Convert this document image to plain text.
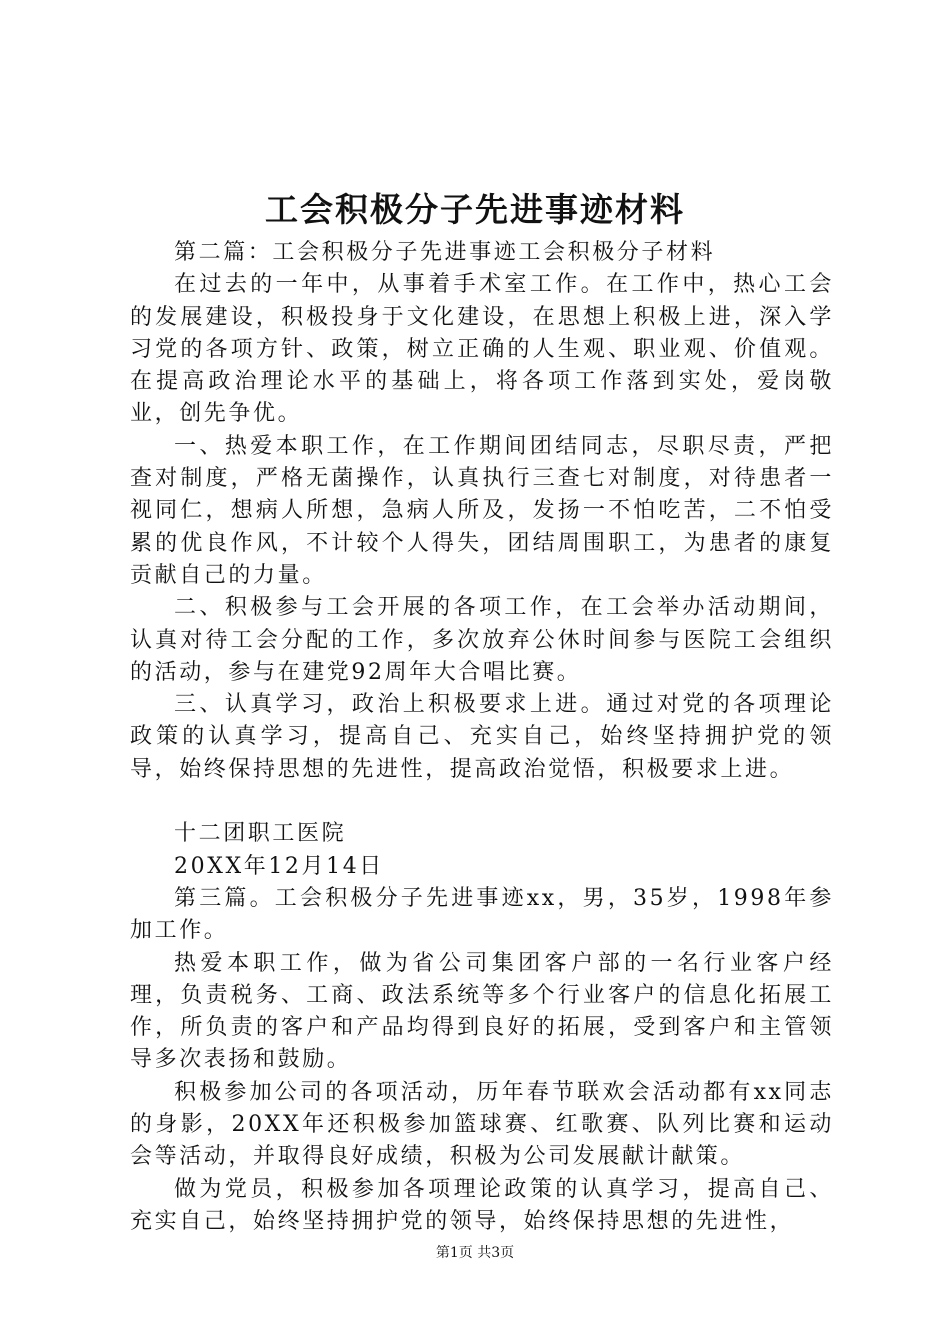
工会积极分子先进事迹材料

第二篇：工会积极分子先进事迹工会积极分子材料

在过去的一年中，从事着手术室工作。在工作中，热心工会的发展建设，积极投身于文化建设，在思想上积极上进，深入学习党的各项方针、政策，树立正确的人生观、职业观、价值观。在提高政治理论水平的基础上，将各项工作落到实处，爱岗敬业，创先争优。

一、热爱本职工作，在工作期间团结同志，尽职尽责，严把查对制度，严格无菌操作，认真执行三查七对制度，对待患者一视同仁，想病人所想，急病人所及，发扬一不怕吃苦，二不怕受累的优良作风，不计较个人得失，团结周围职工，为患者的康复贡献自己的力量。

二、积极参与工会开展的各项工作，在工会举办活动期间，认真对待工会分配的工作，多次放弃公休时间参与医院工会组织的活动，参与在建党92周年大合唱比赛。

三、认真学习，政治上积极要求上进。通过对党的各项理论政策的认真学习，提高自己、充实自己，始终坚持拥护党的领导，始终保持思想的先进性，提高政治觉悟，积极要求上进。

十二团职工医院

20XX年12月14日

第三篇。工会积极分子先进事迹xx，男，35岁，1998年参加工作。

热爱本职工作，做为省公司集团客户部的一名行业客户经理，负责税务、工商、政法系统等多个行业客户的信息化拓展工作，所负责的客户和产品均得到良好的拓展，受到客户和主管领导多次表扬和鼓励。

积极参加公司的各项活动，历年春节联欢会活动都有xx同志的身影，20XX年还积极参加篮球赛、红歌赛、队列比赛和运动会等活动，并取得良好成绩，积极为公司发展献计献策。

做为党员，积极参加各项理论政策的认真学习，提高自己、充实自己，始终坚持拥护党的领导，始终保持思想的先进性，

第1页 共3页
